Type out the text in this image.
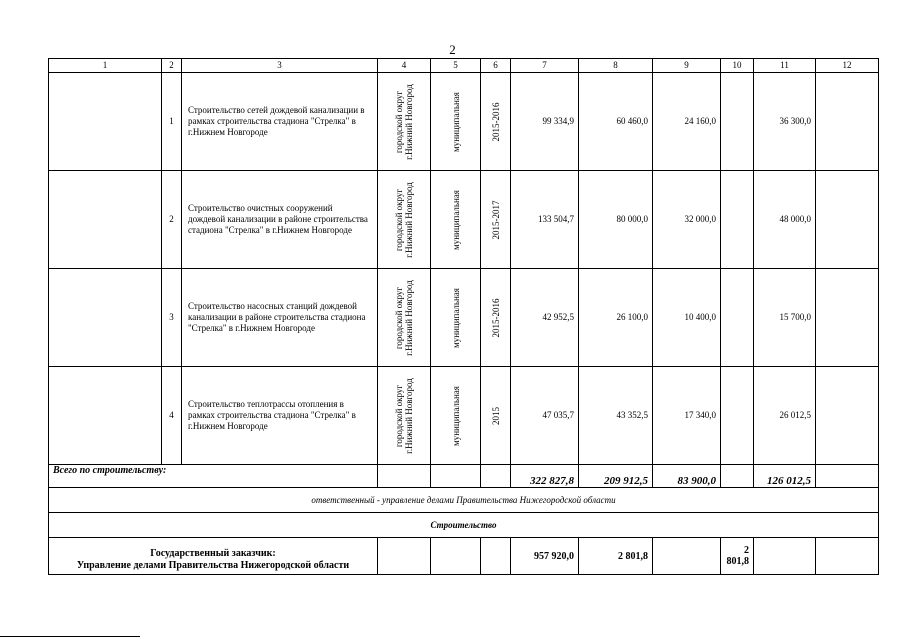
2
1	2	3	4	5	6	7	8	9	10	11	12
	1	Строительство сетей дождевой канализации в рамках строительства стадиона "Стрелка" в г.Нижнем Новгороде	городской округ г.Нижний Новгород	муниципальная	2015-2016	99 334,9	60 460,0	24 160,0		36 300,0	
	2	Строительство очистных сооружений дождевой канализации в районе строительства стадиона "Стрелка" в г.Нижнем Новгороде	городской округ г.Нижний Новгород	муниципальная	2015-2017	133 504,7	80 000,0	32 000,0		48 000,0	
	3	Строительство насосных станций дождевой канализации в районе строительства стадиона "Стрелка" в г.Нижнем Новгороде	городской округ г.Нижний Новгород	муниципальная	2015-2016	42 952,5	26 100,0	10 400,0		15 700,0	
	4	Строительство теплотрассы отопления в рамках строительства стадиона "Стрелка" в г.Нижнем Новгороде	городской округ г.Нижний Новгород	муниципальная	2015	47 035,7	43 352,5	17 340,0		26 012,5	
Всего по строительству:						322 827,8	209 912,5	83 900,0		126 012,5	
ответственный - управление делами Правительства Нижегородской области											
Строительство											

Государственный заказчик:
Управление делами Правительства Нижегородской области						957 920,0	2 801,8		2 801,8		
